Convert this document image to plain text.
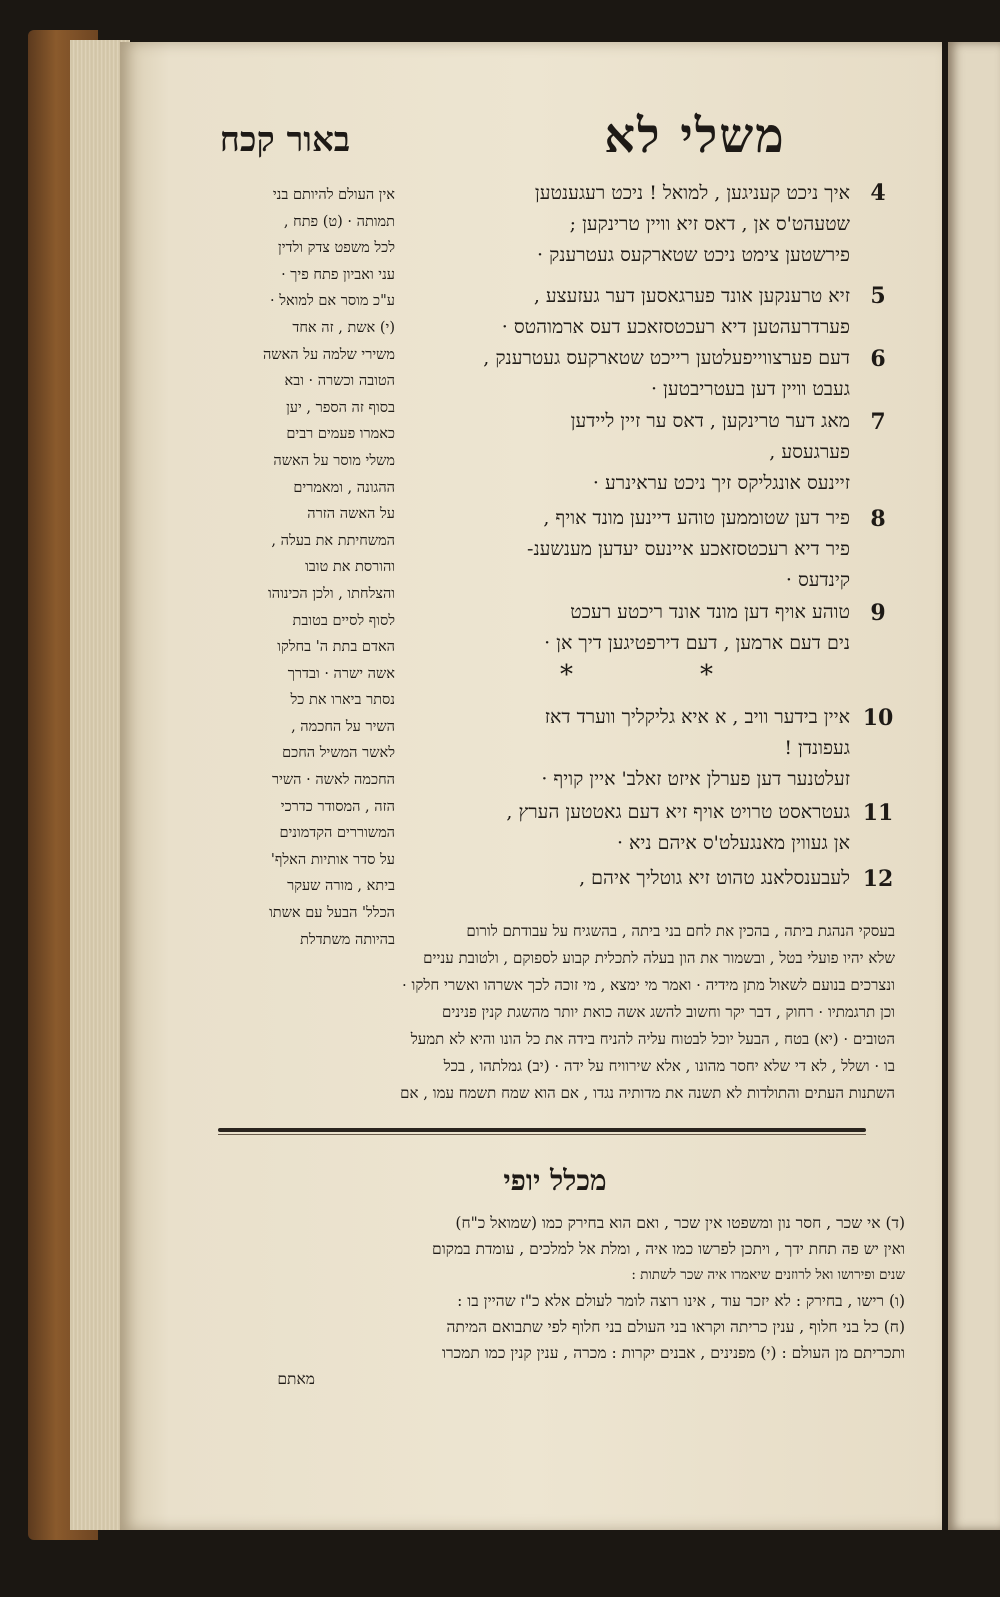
משלי לא
באור קכח
4
איך ניכט קעניגען , למואל ! ניכט רעגענטען
שטעהט'ס אן , דאס זיא וויין טרינקען ;
פירשטען צימט ניכט שטארקעס געטרענק ·
5
זיא טרענקען אונד פערגאסען דער געזעצע ,
פערדרעהטען דיא רעכטסזאכע דעס ארמוהטס ·
6
דעם פערצווייפעלטען רייכט שטארקעס געטרענק ,
געבט וויין דען בעטריבטען ·
7
מאג דער טרינקען , דאס ער זיין ליידען
פערגעסע ,
זיינעס אונגליקס זיך ניכט עראינרע ·
8
פיר דען שטוממען טוהע דיינען מונד אויף ,
פיר דיא רעכטסזאכע איינעס יעדען מענשענ-
קינדעס ·
9
טוהע אויף דען מונד אונד ריכטע רעכט
נים דעם ארמען , דעם דירפטיגען דיך אן ·
*	*
10
איין בידער וויב , א איא גליקליך ווערד דאז
געפונדן !
זעלטנער דען פערלן איזט זאלב' איין קויף ·
11
געטראסט טרויט אויף זיא דעם גאטטען הערץ ,
אן געווין מאנגעלט'ס איהם ניא ·
12
לעבענסלאנג טהוט זיא גוטליך איהם ,
אין העולם להיותם בני
תמותה · (ט) פתח ,
לכל משפט צדק ולדין
עני ואביון פתח פיך ·
ע"כ מוסר אם למואל ·
(י) אשת , זה אחד
משירי שלמה על האשה
הטובה וכשרה · ובא
בסוף זה הספר , יען
כאמרו פעמים רבים
משלי מוסר על האשה
ההגונה , ומאמרים
על האשה הזרה
המשחיתת את בעלה ,
והורסת את טובו
והצלחתו , ולכן הכינוהו
לסוף לסיים בטובת
האדם בתת ה' בחלקו
אשה ישרה · ובדרך
נסתר ביארו את כל
השיר על החכמה ,
לאשר המשיל החכם
החכמה לאשה · השיר
הזה , המסודר כדרכי
המשוררים הקדמונים
על סדר אותיות האלף'
ביתא , מורה שעקר
הכלל' הבעל עם אשתו
בהיותה משתדלת	בעסקי הנהגת ביתה , בהכין את לחם בני ביתה , בהשגיח על עבודתם לורום
שלא יהיו פועלי בטל , ובשמור את הון בעלה לתכלית קבוע לספוקם , ולטובת עניים
ונצרכים בנועם לשאול מתן מידיה · ואמר מי ימצא , מי זוכה לכך אשרהו ואשרי חלקו ·
וכן תרגמתיו · רחוק , דבר יקר וחשוב להשג אשה כואת יותר מהשגת קנין פנינים
הטובים · (יא) בטח , הבעל יוכל לבטוח עליה להניח בידה את כל הונו והיא לא תמעל
בו · ושלל , לא די שלא יחסר מהונו , אלא שירוויח על ידה · (יב) גמלתהו , בכל
השתנות העתים והתולדות לא תשנה את מדותיה נגדו , אם הוא שמח תשמח עמו , אם
מכלל יופי
(ד) אי שכר , חסר נון ומשפטו אין שכר , ואם הוא בחירק כמו (שמואל כ"ח)
ואין יש פה תחת ידך , ויתכן לפרשו כמו איה , ומלת אל למלכים , עומדת במקום
שנים ופירושו ואל לרוזנים שיאמרו איה שכר לשתות :
(ו) רישו , בחירק : לא יזכר עוד , אינו רוצה לומר לעולם אלא כ"ז שהיין בו :
(ח) כל בני חלוף , ענין כריתה וקראו בני העולם בני חלוף לפי שתבואם המיתה
ותכריתם מן העולם : (י) מפנינים , אבנים יקרות : מכרה , ענין קנין כמו תמכרו
מאתם
